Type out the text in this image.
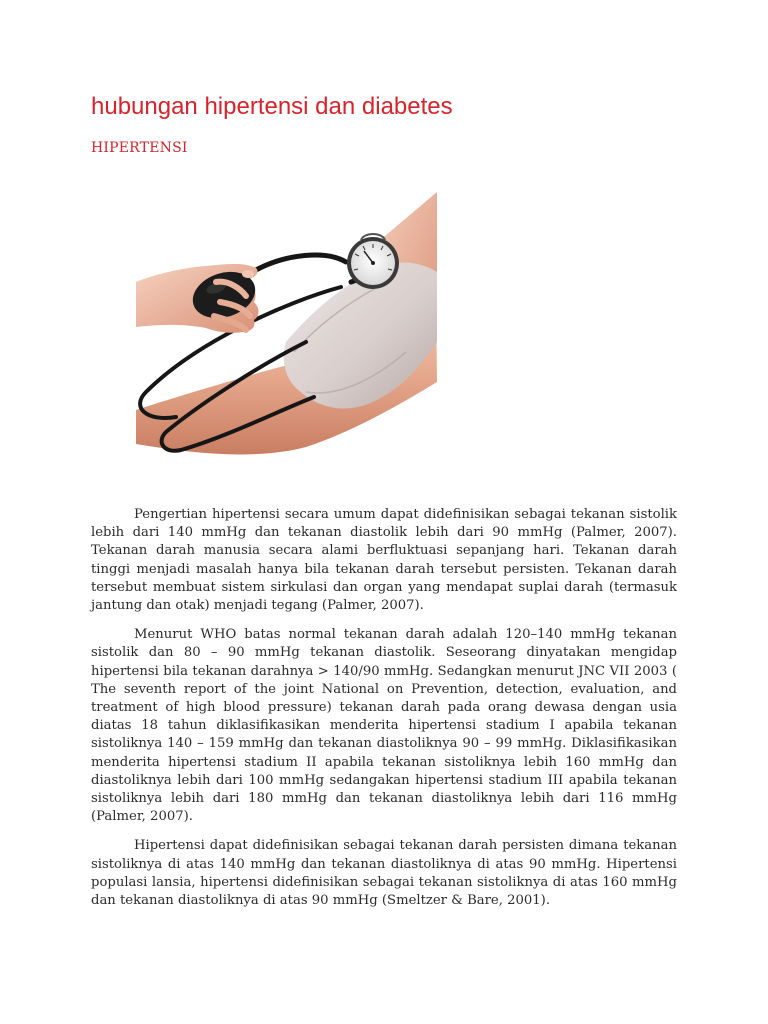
hubungan hipertensi dan diabetes
HIPERTENSI

Pengertian hipertensi secara umum dapat didefinisikan sebagai tekanan sistolik lebih dari 140 mmHg dan tekanan diastolik lebih dari 90 mmHg (Palmer, 2007). Tekanan darah manusia secara alami berfluktuasi sepanjang hari. Tekanan darah tinggi menjadi masalah hanya bila tekanan darah tersebut persisten. Tekanan darah tersebut membuat sistem sirkulasi dan organ yang mendapat suplai darah (termasuk jantung dan otak) menjadi tegang (Palmer, 2007).

Menurut WHO batas normal tekanan darah adalah 120–140 mmHg tekanan sistolik dan 80 – 90 mmHg tekanan diastolik. Seseorang dinyatakan mengidap hipertensi bila tekanan darahnya > 140/90 mmHg. Sedangkan menurut JNC VII 2003 ( The seventh report of the joint National on Prevention, detection, evaluation, and treatment of high blood pressure) tekanan darah pada orang dewasa dengan usia diatas 18 tahun diklasifikasikan menderita hipertensi stadium I apabila tekanan sistoliknya 140 – 159 mmHg dan tekanan diastoliknya 90 – 99 mmHg. Diklasifikasikan menderita hipertensi stadium II apabila tekanan sistoliknya lebih 160 mmHg dan diastoliknya lebih dari 100 mmHg sedangakan hipertensi stadium III apabila tekanan sistoliknya lebih dari 180 mmHg dan tekanan diastoliknya lebih dari 116 mmHg (Palmer, 2007).

Hipertensi dapat didefinisikan sebagai tekanan darah persisten dimana tekanan sistoliknya di atas 140 mmHg dan tekanan diastoliknya di atas 90 mmHg. Hipertensi populasi lansia, hipertensi didefinisikan sebagai tekanan sistoliknya di atas 160 mmHg dan tekanan diastoliknya di atas 90 mmHg (Smeltzer & Bare, 2001).
